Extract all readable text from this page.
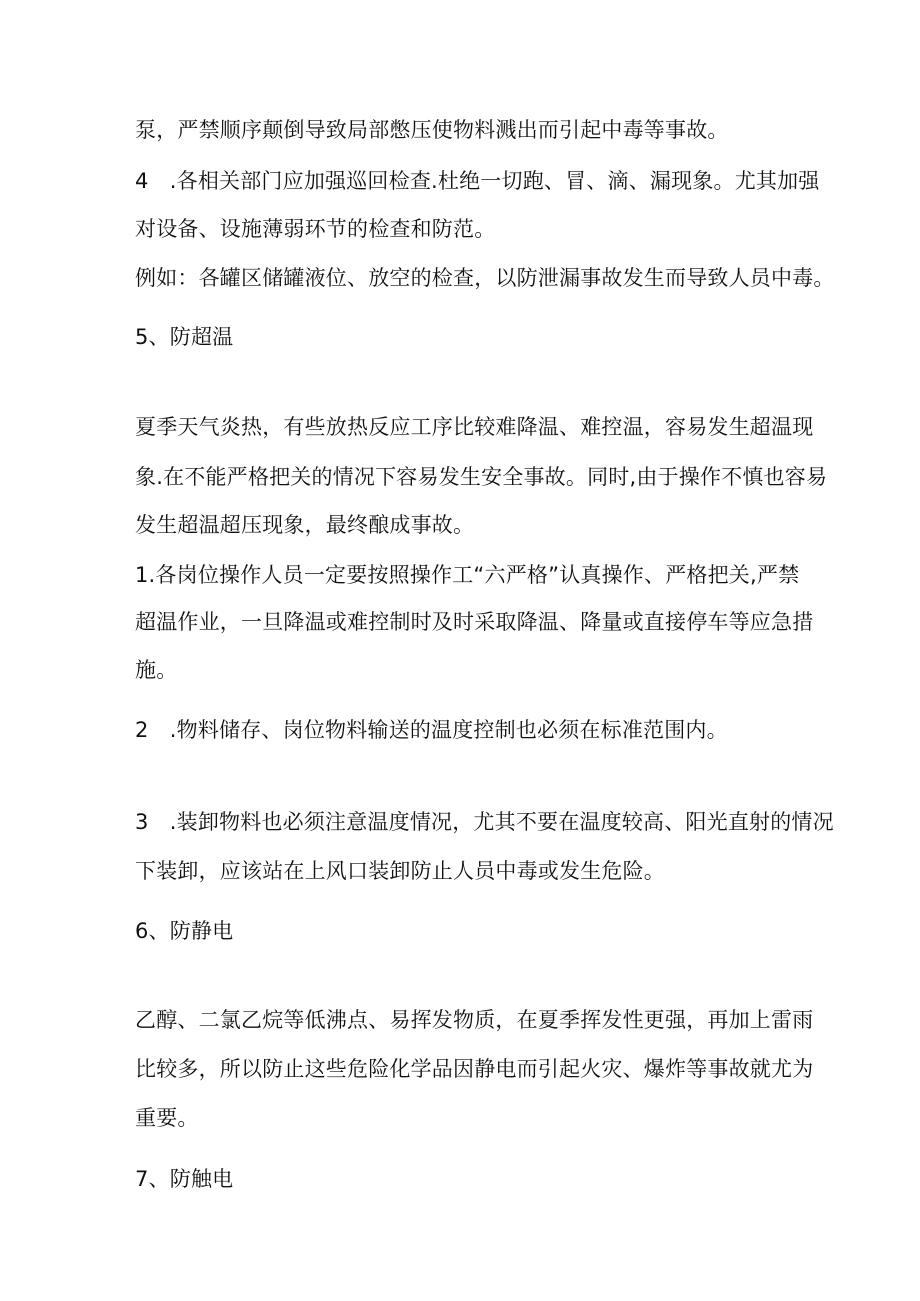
泵，严禁顺序颠倒导致局部憋压使物料溅出而引起中毒等事故。
4　.各相关部门应加强巡回检查.杜绝一切跑、冒、滴、漏现象。尤其加强
对设备、设施薄弱环节的检查和防范。
例如：各罐区储罐液位、放空的检查，以防泄漏事故发生而导致人员中毒。
5、防超温
夏季天气炎热，有些放热反应工序比较难降温、难控温，容易发生超温现
象.在不能严格把关的情况下容易发生安全事故。同时,由于操作不慎也容易
发生超温超压现象，最终酿成事故。
1.各岗位操作人员一定要按照操作工“六严格”认真操作、严格把关,严禁
超温作业，一旦降温或难控制时及时采取降温、降量或直接停车等应急措
施。
2　.物料储存、岗位物料输送的温度控制也必须在标准范围内。
3　.装卸物料也必须注意温度情况，尤其不要在温度较高、阳光直射的情况
下装卸，应该站在上风口装卸防止人员中毒或发生危险。
6、防静电
乙醇、二氯乙烷等低沸点、易挥发物质，在夏季挥发性更强，再加上雷雨
比较多，所以防止这些危险化学品因静电而引起火灾、爆炸等事故就尤为
重要。
7、防触电
